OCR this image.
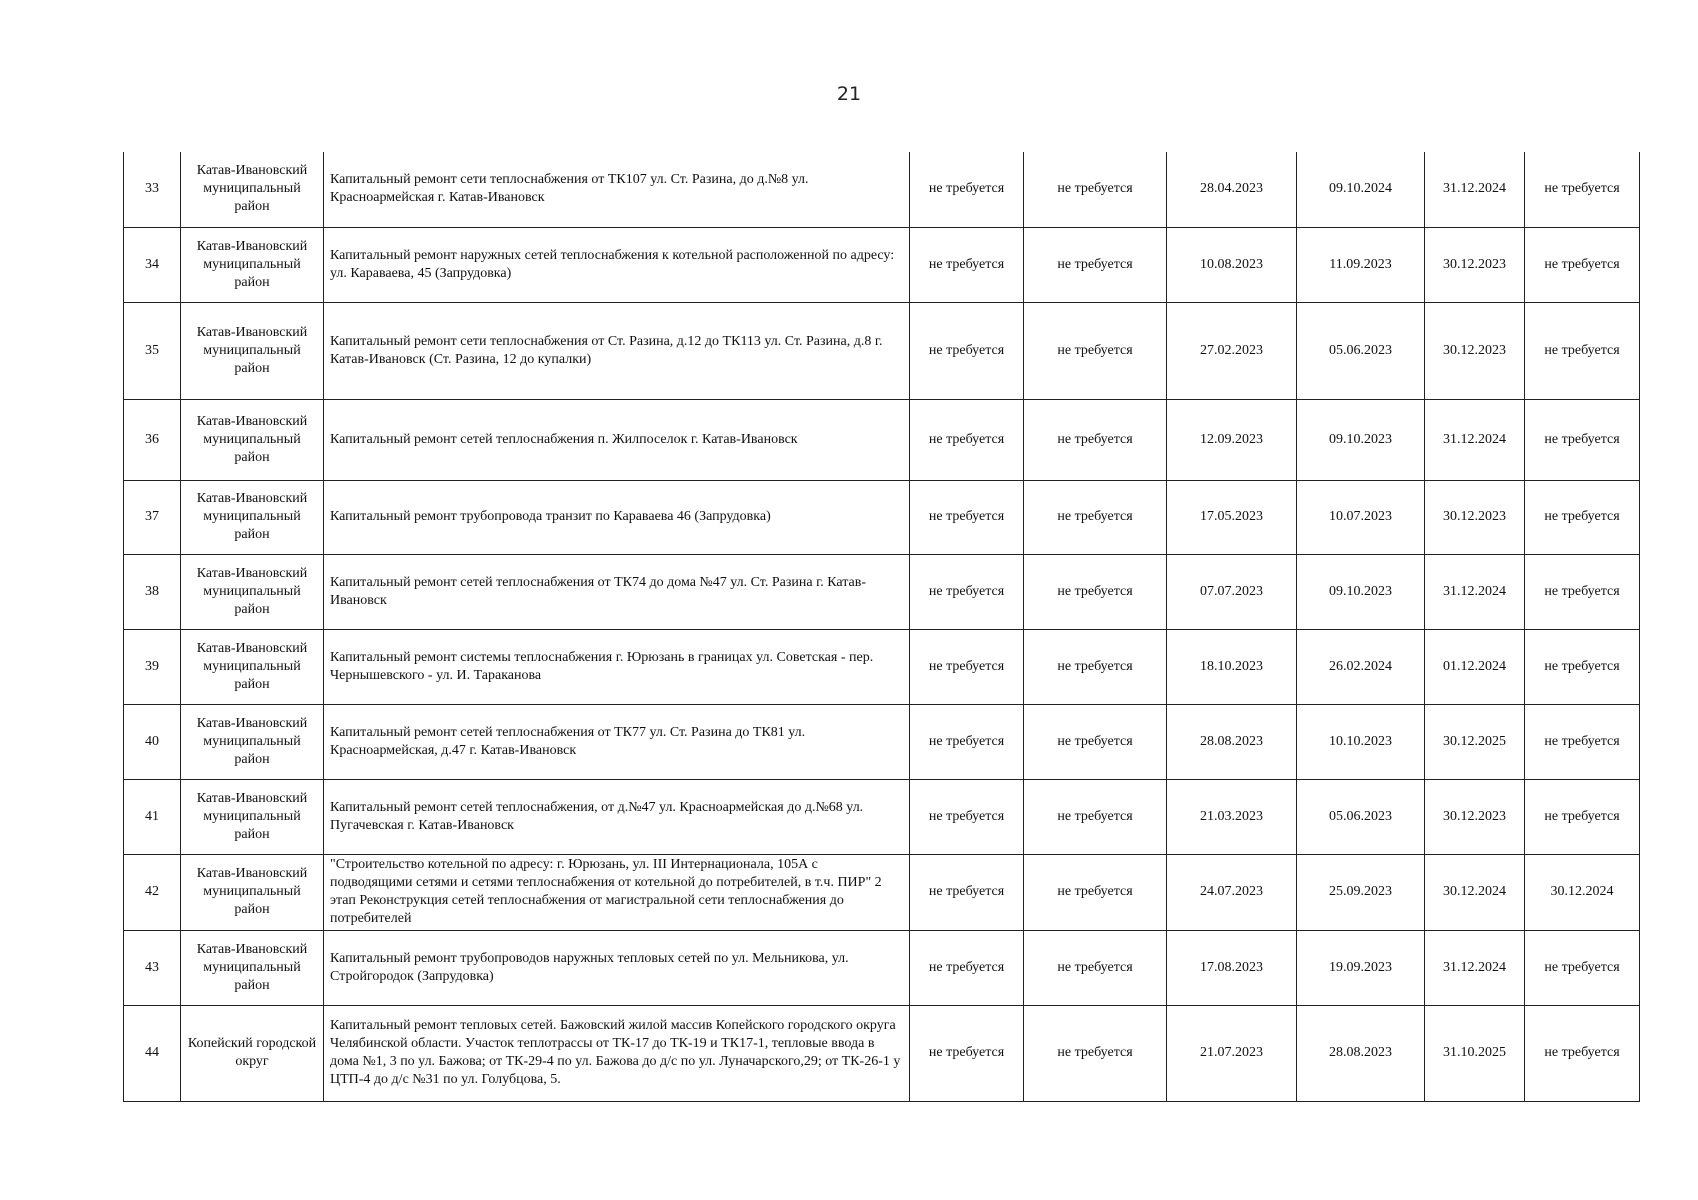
21
33	Катав-Ивановский муниципальный район	Капитальный ремонт сети теплоснабжения от ТК107 ул. Ст. Разина, до д.№8 ул. Красноармейская г. Катав-Ивановск	не требуется	не требуется	28.04.2023	09.10.2024	31.12.2024	не требуется
34	Катав-Ивановский муниципальный район	Капитальный ремонт наружных сетей теплоснабжения к котельной расположенной по адресу: ул. Караваева, 45 (Запрудовка)	не требуется	не требуется	10.08.2023	11.09.2023	30.12.2023	не требуется
35	Катав-Ивановский муниципальный район	Капитальный ремонт сети теплоснабжения от Ст. Разина, д.12 до ТК113 ул. Ст. Разина, д.8 г. Катав-Ивановск (Ст. Разина, 12 до купалки)	не требуется	не требуется	27.02.2023	05.06.2023	30.12.2023	не требуется
36	Катав-Ивановский муниципальный район	Капитальный ремонт сетей теплоснабжения п. Жилпоселок г. Катав-Ивановск	не требуется	не требуется	12.09.2023	09.10.2023	31.12.2024	не требуется
37	Катав-Ивановский муниципальный район	Капитальный ремонт трубопровода транзит по Караваева 46 (Запрудовка)	не требуется	не требуется	17.05.2023	10.07.2023	30.12.2023	не требуется
38	Катав-Ивановский муниципальный район	Капитальный ремонт сетей теплоснабжения от ТК74 до дома №47 ул. Ст. Разина г. Катав-Ивановск	не требуется	не требуется	07.07.2023	09.10.2023	31.12.2024	не требуется
39	Катав-Ивановский муниципальный район	Капитальный ремонт системы теплоснабжения г. Юрюзань в границах ул. Советская - пер. Чернышевского - ул. И. Тараканова	не требуется	не требуется	18.10.2023	26.02.2024	01.12.2024	не требуется
40	Катав-Ивановский муниципальный район	Капитальный ремонт сетей теплоснабжения от ТК77 ул. Ст. Разина до ТК81 ул. Красноармейская, д.47 г. Катав-Ивановск	не требуется	не требуется	28.08.2023	10.10.2023	30.12.2025	не требуется
41	Катав-Ивановский муниципальный район	Капитальный ремонт сетей теплоснабжения, от д.№47 ул. Красноармейская до д.№68 ул. Пугачевская г. Катав-Ивановск	не требуется	не требуется	21.03.2023	05.06.2023	30.12.2023	не требуется
42	Катав-Ивановский муниципальный район	"Строительство котельной по адресу: г. Юрюзань, ул. III Интернационала, 105А с подводящими сетями и сетями теплоснабжения от котельной до потребителей, в т.ч. ПИР" 2 этап Реконструкция сетей теплоснабжения от магистральной сети теплоснабжения до потребителей	не требуется	не требуется	24.07.2023	25.09.2023	30.12.2024	30.12.2024
43	Катав-Ивановский муниципальный район	Капитальный ремонт трубопроводов наружных тепловых сетей по ул. Мельникова, ул. Стройгородок (Запрудовка)	не требуется	не требуется	17.08.2023	19.09.2023	31.12.2024	не требуется
44	Копейский городской округ	Капитальный ремонт тепловых сетей. Бажовский жилой массив Копейского городского округа Челябинской области. Участок теплотрассы от ТК-17 до ТК-19 и ТК17-1, тепловые ввода в дома №1, 3 по ул. Бажова; от ТК-29-4 по ул. Бажова до д/с по ул. Луначарского,29; от ТК-26-1 у ЦТП-4 до д/с №31 по ул. Голубцова, 5.	не требуется	не требуется	21.07.2023	28.08.2023	31.10.2025	не требуется
